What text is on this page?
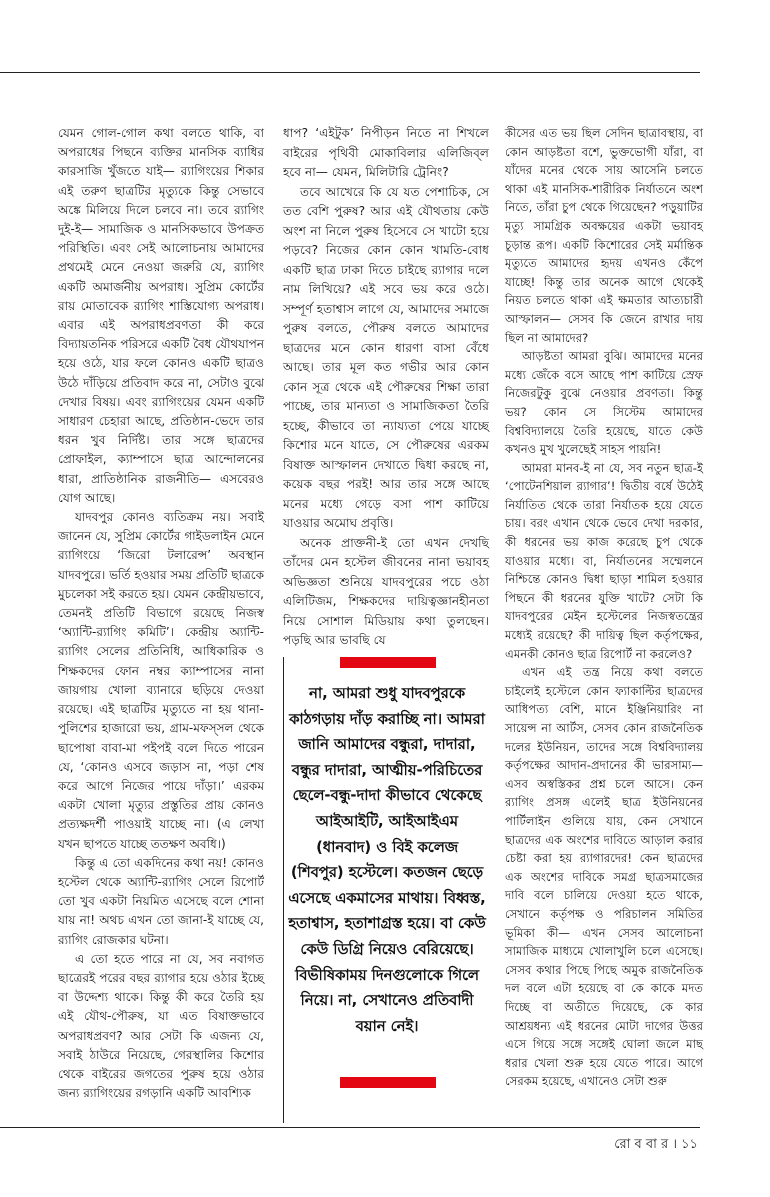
যেমন গোল-গোল কথা বলতে থাকি, বা অপরাধের পিছনে ব্যক্তির মানসিক ব্যাধির কারসাজি খুঁজতে যাই— র‍্যাগিংয়ের শিকার এই তরুণ ছাত্রটির মৃত্যুকে কিন্তু সেভাবে অঙ্কে মিলিয়ে দিলে চলবে না। তবে র‍্যাগিং দুই-ই— সামাজিক ও মানসিকভাবে উপক্রত পরিস্থিতি। এবং সেই আলোচনায় আমাদের প্রথমেই মেনে নেওয়া জরুরি যে, র‍্যাগিং একটি অমার্জনীয় অপরাধ। সুপ্রিম কোর্টের রায় মোতাবেক র‍্যাগিং শাস্তিযোগ্য অপরাধ। এবার এই অপরাধপ্রবণতা কী করে বিদ্যায়তনিক পরিসরে একটি বৈধ যৌথযাপন হয়ে ওঠে, যার ফলে কোনও একটি ছাত্রও উঠে দাঁড়িয়ে প্রতিবাদ করে না, সেটাও বুঝে দেখার বিষয়। এবং র‍্যাগিংয়ের যেমন একটি সাধারণ চেহারা আছে, প্রতিষ্ঠান-ভেদে তার ধরন খুব নির্দিষ্ট। তার সঙ্গে ছাত্রদের প্রোফাইল, ক্যাম্পাসে ছাত্র আন্দোলনের ধারা, প্রাতিষ্ঠানিক রাজনীতি— এসবেরও যোগ আছে।

যাদবপুর কোনও ব্যতিক্রম নয়। সবাই জানেন যে, সুপ্রিম কোর্টের গাইডলাইন মেনে র‍্যাগিংয়ে ‘জিরো টলারেন্স’ অবস্থান যাদবপুরে। ভর্তি হওয়ার সময় প্রতিটি ছাত্রকে মুচলেকা সই করতে হয়। যেমন কেন্দ্রীয়ভাবে, তেমনই প্রতিটি বিভাগে রয়েছে নিজস্ব ‘অ্যান্টি-র‍্যাগিং কমিটি’। কেন্দ্রীয় অ্যান্টি-র‍্যাগিং সেলের প্রতিনিধি, আধিকারিক ও শিক্ষকদের ফোন নম্বর ক্যাম্পাসের নানা জায়গায় খোলা ব্যানারে ছড়িয়ে দেওয়া রয়েছে। এই ছাত্রটির মৃত্যুতে না হয় থানা-পুলিশের হাজারো ভয়, গ্রাম-মফস্সল থেকে ছাপোষা বাবা-মা পইপই বলে দিতে পারেন যে, ‘কোনও এসবে জড়াস না, পড়া শেষ করে আগে নিজের পায়ে দাঁড়া।’ এরকম একটা খোলা মৃত্যুর প্রস্তুতির প্রায় কোনও প্রত্যক্ষদর্শী পাওয়াই যাচ্ছে না। (এ লেখা যখন ছাপতে যাচ্ছে ততক্ষণ অবধি।)

কিন্তু এ তো একদিনের কথা নয়! কোনও হস্টেল থেকে অ্যান্টি-র‍্যাগিং সেলে রিপোর্ট তো খুব একটা নিয়মিত এসেছে বলে শোনা যায় না! অথচ এখন তো জানা-ই যাচ্ছে যে, র‍্যাগিং রোজকার ঘটনা।

এ তো হতে পারে না যে, সব নবাগত ছাত্রেরই পরের বছর র‍্যাগার হয়ে ওঠার ইচ্ছে বা উদ্দেশ্য থাকে। কিন্তু কী করে তৈরি হয় এই যৌথ-পৌরুষ, যা এত বিষাক্তভাবে অপরাধপ্রবণ? আর সেটা কি এজন্য যে, সবাই ঠাউরে নিয়েছে, গেরস্থালির কিশোর থেকে বাইরের জগতের পুরুষ হয়ে ওঠার জন্য র‍্যাগিংয়ের রগড়ানি একটি আবশ্যিক

ধাপ? ‘এইটুক’ নিপীড়ন নিতে না শিখলে বাইরের পৃথিবী মোকাবিলার এলিজিব্‌ল হবে না— যেমন, মিলিটারি ট্রেনিং?

তবে আখেরে কি যে যত পেশাচিক, সে তত বেশি পুরুষ? আর এই যৌথতায় কেউ অংশ না নিলে পুরুষ হিসেবে সে খাটো হয়ে পড়বে? নিজের কোন কোন খামতি-বোধ একটি ছাত্র ঢাকা দিতে চাইছে র‍্যাগার দলে নাম লিখিয়ে? এই সবে ভয় করে ওঠে। সম্পূর্ণ হতাশ্বাস লাগে যে, আমাদের সমাজে পুরুষ বলতে, পৌরুষ বলতে আমাদের ছাত্রদের মনে কোন ধারণা বাসা বেঁধে আছে। তার মূল কত গভীর আর কোন কোন সূত্র থেকে এই পৌরুষের শিক্ষা তারা পাচ্ছে, তার মান্যতা ও সামাজিকতা তৈরি হচ্ছে, কীভাবে তা ন্যায্যতা পেয়ে যাচ্ছে কিশোর মনে যাতে, সে পৌরুষের এরকম বিষাক্ত আস্ফালন দেখাতে দ্বিধা করছে না, কয়েক বছর পরই! আর তার সঙ্গে আছে মনের মধ্যে গেড়ে বসা পাশ কাটিয়ে যাওয়ার অমোঘ প্রবৃত্তি।

অনেক প্রাক্তনী-ই তো এখন দেখছি তাঁদের মেন হস্টেল জীবনের নানা ভয়াবহ অভিজ্ঞতা শুনিয়ে যাদবপুরের পচে ওঠা এলিটিজম, শিক্ষকদের দায়িত্বজ্ঞানহীনতা নিয়ে সোশাল মিডিয়ায় কথা তুলছেন। পড়ছি আর ভাবছি যে

না, আমরা শুধু যাদবপুরকে কাঠগড়ায় দাঁড় করাচ্ছি না। আমরা জানি আমাদের বন্ধুরা, দাদারা, বন্ধুর দাদারা, আত্মীয়-পরিচিতের ছেলে-বন্ধু-দাদা কীভাবে থেকেছে আইআইটি, আইআইএম (ধানবাদ) ও বিই কলেজ (শিবপুর) হস্টেলে। কতজন ছেড়ে এসেছে একমাসের মাথায়। বিধ্বস্ত, হতাশ্বাস, হতাশাগ্রস্ত হয়ে। বা কেউ কেউ ডিগ্রি নিয়েও বেরিয়েছে। বিভীষিকাময় দিনগুলোকে গিলে নিয়ে। না, সেখানেও প্রতিবাদী বয়ান নেই।

কীসের এত ভয় ছিল সেদিন ছাত্রাবস্থায়, বা কোন আড়ষ্টতা বশে, ভুক্তভোগী যাঁরা, বা যাঁদের মনের থেকে সায় আসেনি চলতে থাকা এই মানসিক-শারীরিক নির্যাতনে অংশ নিতে, তাঁরা চুপ থেকে গিয়েছেন? পড়ুয়াটির মৃত্যু সামগ্রিক অবক্ষয়ের একটা ভয়াবহ চূড়ান্ত রূপ। একটি কিশোরের সেই মর্মান্তিক মৃত্যুতে আমাদের হৃদয় এখনও কেঁপে যাচ্ছে! কিন্তু তার অনেক আগে থেকেই নিয়ত চলতে থাকা এই ক্ষমতার আত্যচারী আস্ফালন— সেসব কি জেনে রাখার দায় ছিল না আমাদের?

আড়ষ্টতা আমরা বুঝি। আমাদের মনের মধ্যে জেঁকে বসে আছে পাশ কাটিয়ে স্রেফ নিজেরটুকু বুঝে নেওয়ার প্রবণতা। কিন্তু ভয়? কোন সে সিস্টেম আমাদের বিশ্ববিদ্যালয়ে তৈরি হয়েছে, যাতে কেউ কখনও মুখ খুলেছেই সাহস পায়নি!

আমরা মানব-ই না যে, সব নতুন ছাত্র-ই ‘পোটেনশিয়াল র‍্যাগার’! দ্বিতীয় বর্ষে উঠেই নির্যাতিত থেকে তারা নির্যাতক হয়ে যেতে চায়। বরং এখান থেকে ভেবে দেখা দরকার, কী ধরনের ভয় কাজ করেছে চুপ থেকে যাওয়ার মধ্যে। বা, নির্যাতনের সম্মেলনে নিশ্চিন্তে কোনও দ্বিধা ছাড়া শামিল হওয়ার পিছনে কী ধরনের যুক্তি খাটে? সেটা কি যাদবপুরের মেইন হস্টেলের নিজস্বতন্ত্রের মধ্যেই রয়েছে? কী দায়িত্ব ছিল কর্তৃপক্ষের, এমনকী কোনও ছাত্র রিপোর্ট না করলেও?

এখন এই তন্ত্র নিয়ে কথা বলতে চাইলেই হস্টেলে কোন ফ্যাকাল্টির ছাত্রদের আধিপত্য বেশি, মানে ইঞ্জিনিয়ারিং না সায়েন্স না আর্টস, সেসব কোন রাজনৈতিক দলের ইউনিয়ন, তাদের সঙ্গে বিশ্ববিদ্যালয় কর্তৃপক্ষের আদান-প্রদানের কী ভারসাম্য— এসব অস্বস্তিকর প্রশ্ন চলে আসে। কেন র‍্যাগিং প্রসঙ্গ এলেই ছাত্র ইউনিয়নের পার্টিলাইন গুলিয়ে যায়, কেন সেখানে ছাত্রদের এক অংশের দাবিতে আড়াল করার চেষ্টা করা হয় র‍্যাগারদের! কেন ছাত্রদের এক অংশের দাবিকে সমগ্র ছাত্রসমাজের দাবি বলে চালিয়ে দেওয়া হতে থাকে, সেখানে কর্তৃপক্ষ ও পরিচালন সমিতির ভূমিকা কী— এখন সেসব আলোচনা সামাজিক মাধ্যমে খোলাখুলি চলে এসেছে। সেসব কথার পিছে পিছে অমুক রাজনৈতিক দল বলে এটা হয়েছে বা কে কাকে মদত দিচ্ছে বা অতীতে দিয়েছে, কে কার আশ্রয়ধন্য এই ধরনের মোটা দাগের উত্তর এসে গিয়ে সঙ্গে সঙ্গেই ঘোলা জলে মাছ ধরার খেলা শুরু হয়ে যেতে পারে। আগে সেরকম হয়েছে, এখানেও সেটা শুরু

রো ব বা র । ১১
